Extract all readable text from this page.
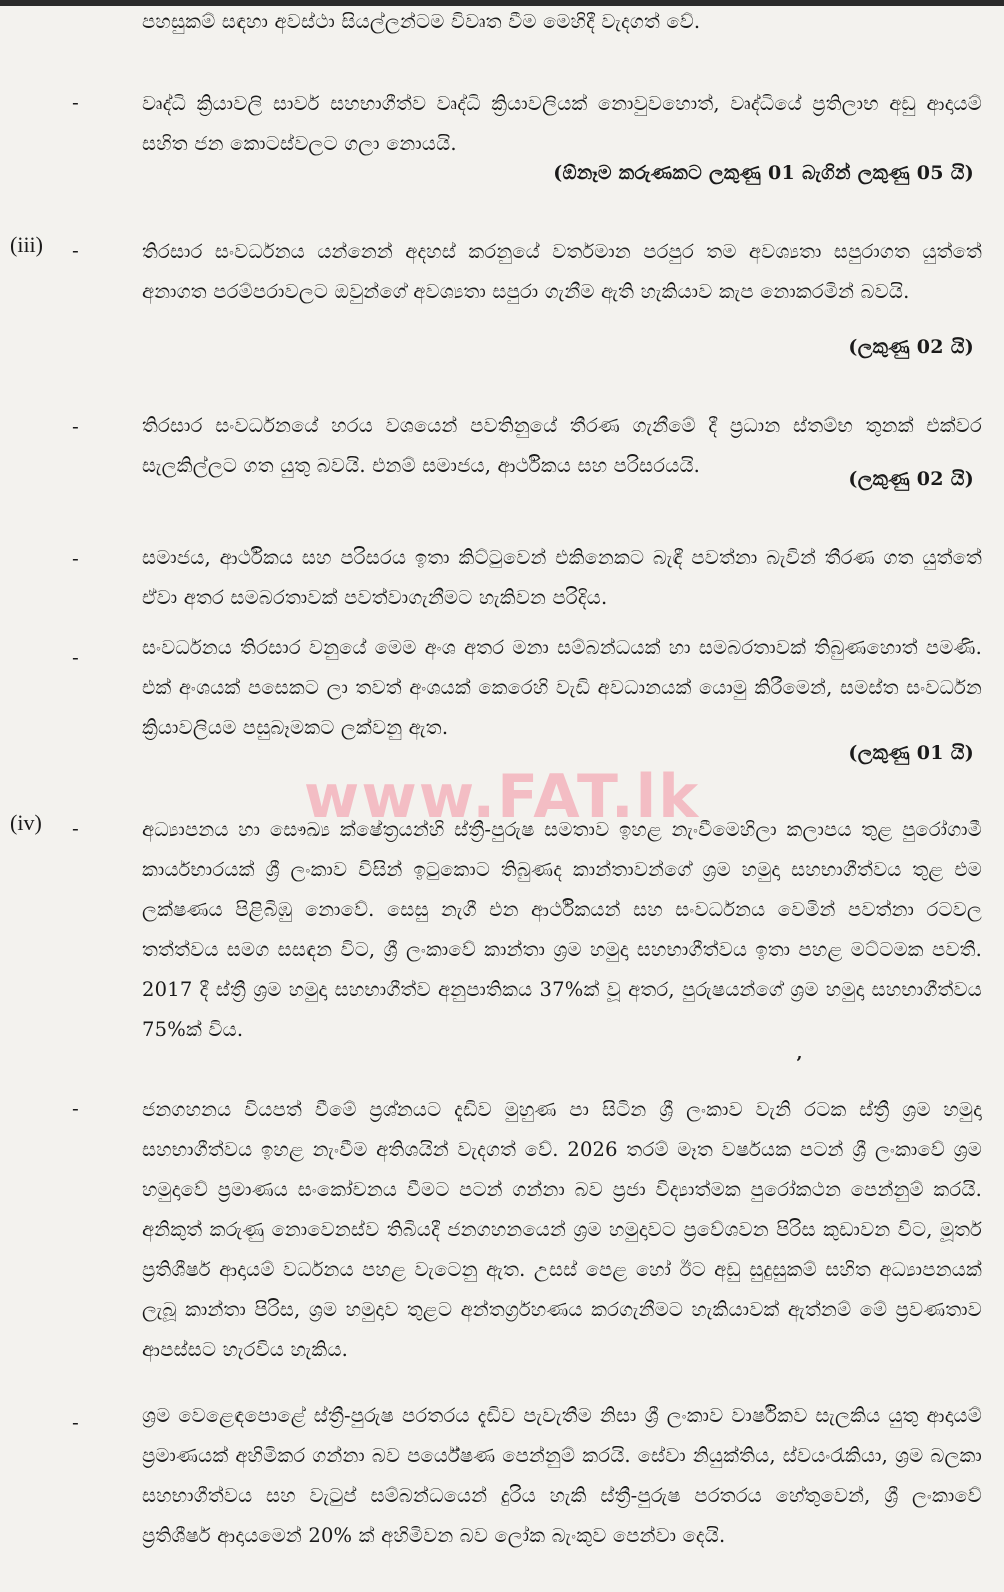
පහසුකම් සඳහා අවස්ථා සියල්ලන්ටම විවෘත වීම මෙහිදී වැදගත් වේ.
-	වෘද්ධි ක්‍රියාවලි සාර්ව සහභාගීත්ව වෘද්ධි ක්‍රියාවලියක් නොවුවහොත්, වෘද්ධියේ ප්‍රතිලාභ අඩු ආදායම් සහිත ජන කොටස්වලට ගලා නොයයි.
(ඕනෑම කරුණකට ලකුණු 01 බැගින් ලකුණු 05 යි)
(iii) -	තිරසාර සංවර්ධනය යන්නෙන් අදහස් කරනුයේ වර්තමාන පරපුර තම අවශ්‍යතා සපුරාගත යුත්තේ අනාගත පරම්පරාවලට ඔවුන්ගේ අවශ්‍යතා සපුරා ගැනීම ඇති හැකියාව කැප නොකරමින් බවයි.
(ලකුණු 02 යි)
-	තිරසාර සංවර්ධනයේ හරය වශයෙන් පවතිනුයේ තීරණ ගැනීමේ දී ප්‍රධාන ස්තම්භ තුනක් එක්වර සැලකිල්ලට ගත යුතු බවයි. එනම් සමාජය, ආර්ථිකය සහ පරිසරයයි.
(ලකුණු 02 යි)
-	සමාජය, ආර්ථිකය සහ පරිසරය ඉතා කිට්ටුවෙන් එකිනෙකට බැඳී පවත්නා බැවින් තීරණ ගත යුත්තේ ඒවා අතර සමබරතාවක් පවත්වාගැනීමට හැකිවන පරිදිය.
-	සංවර්ධනය තිරසාර වනුයේ මෙම අංශ අතර මනා සම්බන්ධයක් හා සමබරතාවක් තිබුණහොත් පමණි. එක් අංශයක් පසෙකට ලා තවත් අංශයක් කෙරෙහි වැඩි අවධානයක් යොමු කිරීමෙන්, සමස්ත සංවර්ධන ක්‍රියාවලියම පසුබෑමකට ලක්වනු ඇත.
(ලකුණු 01 යි)
www.FAT.lk
(iv) -	අධ්‍යාපනය හා සෞඛ්‍ය ක්ෂේත්‍රයන්හි ස්ත්‍රී-පුරුෂ සමතාව ඉහළ නැංවීමෙහිලා කලාපය තුළ පුරෝගාමී කාර්යභාරයක් ශ්‍රී ලංකාව විසින් ඉටුකොට තිබුණද කාන්තාවන්ගේ ශ්‍රම හමුදා සහභාගීත්වය තුළ එම ලක්ෂණය පිළිබිඹු නොවේ. සෙසු නැගී එන ආර්ථිකයන් සහ සංවර්ධනය වෙමින් පවත්නා රටවල තත්ත්වය සමග සසඳන විට, ශ්‍රී ලංකාවේ කාන්තා ශ්‍රම හමුදා සහභාගීත්වය ඉතා පහළ මට්ටමක පවතී. 2017 දී ස්ත්‍රී ශ්‍රම හමුදා සහභාගීත්ව අනුපාතිකය 37%ක් වූ අතර, පුරුෂයන්ගේ ශ්‍රම හමුදා සහභාගීත්වය 75%ක් විය.
’
-	ජනගහනය වියපත් වීමේ ප්‍රශ්නයට දැඩිව මුහුණ පා සිටින ශ්‍රී ලංකාව වැනි රටක ස්ත්‍රී ශ්‍රම හමුදා සහභාගීත්වය ඉහළ නැංවීම අතිශයින් වැදගත් වේ. 2026 තරම් මෑත වර්ෂයක පටන් ශ්‍රී ලංකාවේ ශ්‍රම හමුදාවේ ප්‍රමාණය සංකෝචනය වීමට පටන් ගන්නා බව ප්‍රජා විද්‍යාත්මක පුරෝකථන පෙන්නුම් කරයි. අනිකුත් කරුණු නොවෙනස්ව තිබියදී ජනගහනයෙන් ශ්‍රම හමුදාවට ප්‍රවේශවන පිරිස කුඩාවන විට, මූර්ත ප්‍රතිශීර්ෂ ආදායම් වර්ධනය පහළ වැටෙනු ඇත. උසස් පෙළ හෝ ඊට අඩු සුදුසුකම් සහිත අධ්‍යාපනයක් ලැබූ කාන්තා පිරිස, ශ්‍රම හමුදාව තුළට අන්තර්ග්‍රහණය කරගැනීමට හැකියාවක් ඇත්නම් මේ ප්‍රවණතාව ආපස්සට හැරවිය හැකිය.
-	ශ්‍රම වෙළෙඳපොළේ ස්ත්‍රී-පුරුෂ පරතරය දැඩිව පැවැතීම නිසා ශ්‍රී ලංකාව වාර්ෂිකව සැලකිය යුතු ආදායම් ප්‍රමාණයක් අහිමිකර ගන්නා බව පර්යේෂණ පෙන්නුම් කරයි. සේවා නියුක්තිය, ස්වයංරැකියා, ශ්‍රම බලකා සහභාගීත්වය සහ වැටුප් සම්බන්ධයෙන් දුරිය හැකි ස්ත්‍රී-පුරුෂ පරතරය හේතුවෙන්, ශ්‍රී ලංකාවේ ප්‍රතිශීර්ෂ ආදායමෙන් 20% ක් අහිමිවන බව ලෝක බැංකුව පෙන්වා දෙයි.
